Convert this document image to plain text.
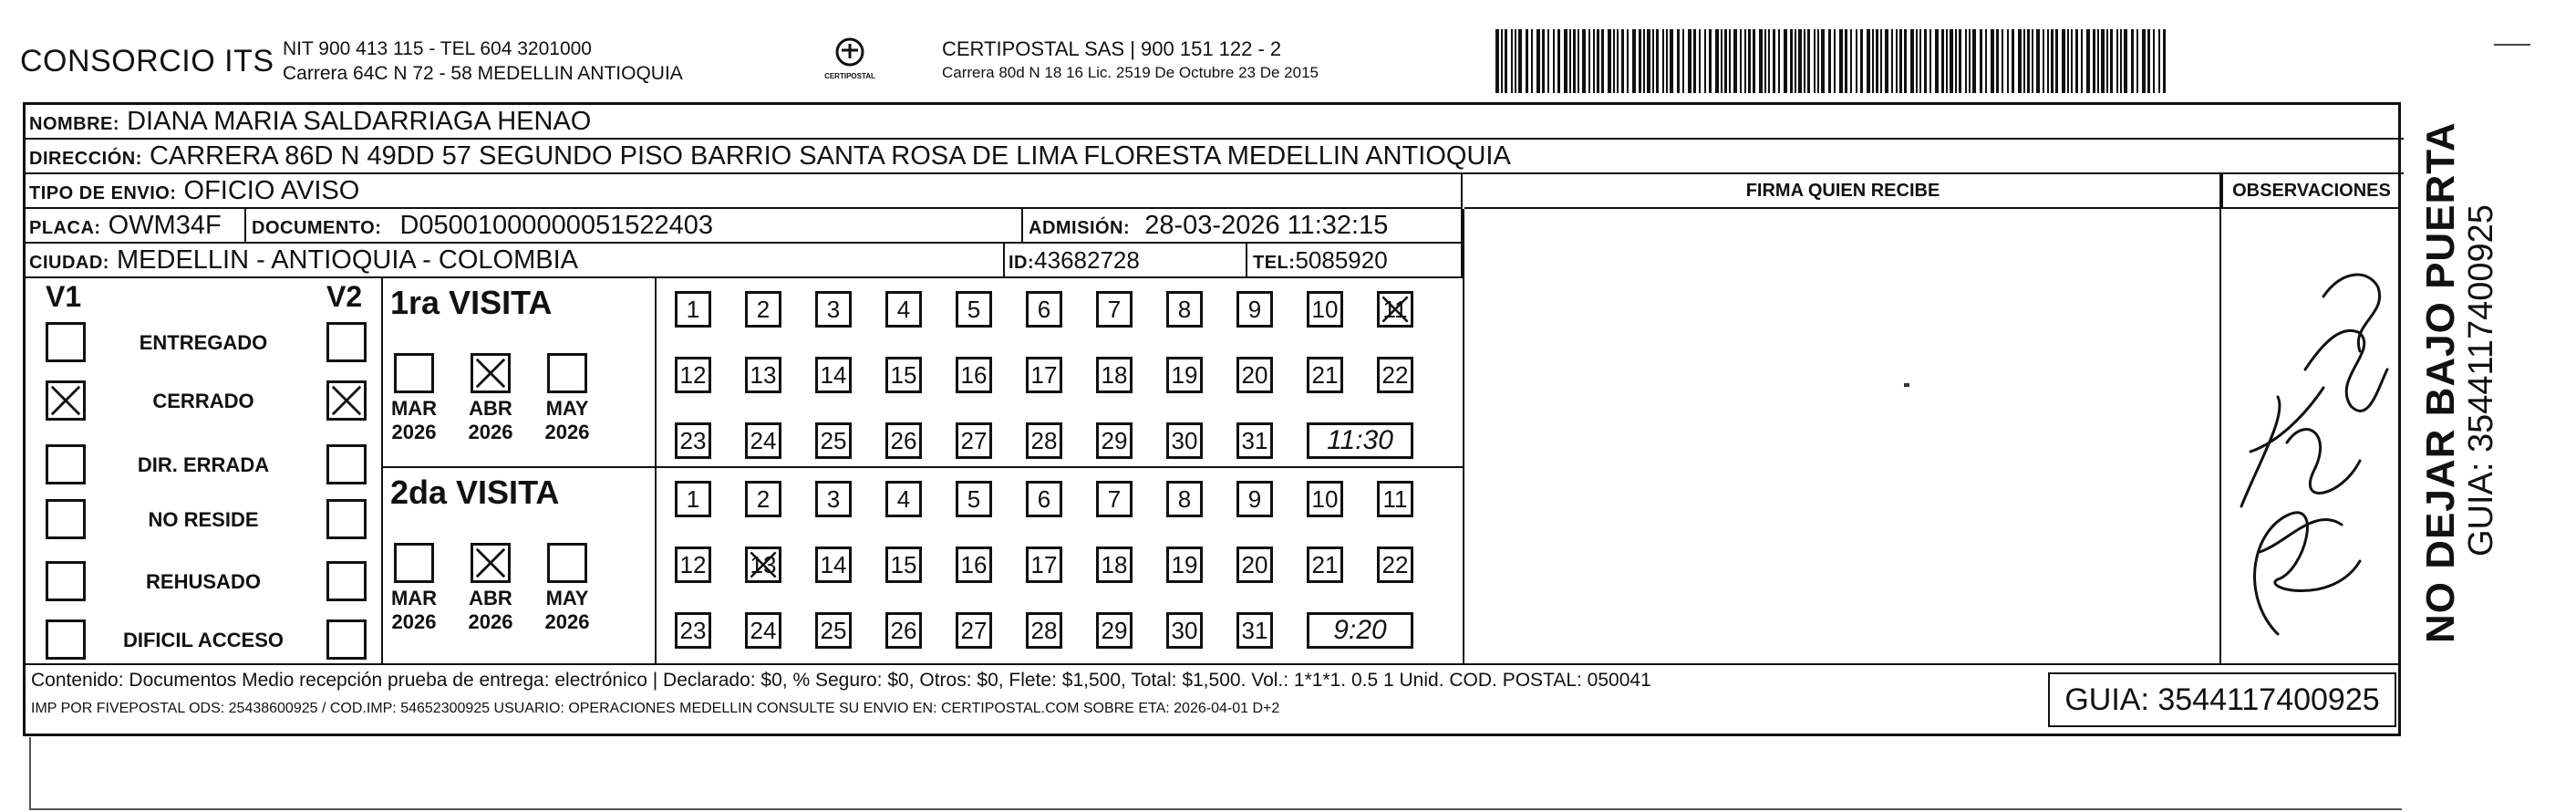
CONSORCIO ITS NIT 900 413 115 - TEL 604 3201000
Carrera 64C N 72 - 58 MEDELLIN ANTIOQUIA	CERTIPOSTAL
CERTIPOSTAL SAS | 900 151 122 - 2
Carrera 80d N 18 16 Lic. 2519 De Octubre 23 De 2015
NOMBRE: DIANA MARIA SALDARRIAGA HENAO
DIRECCIÓN: CARRERA 86D N 49DD 57 SEGUNDO PISO BARRIO SANTA ROSA DE LIMA FLORESTA MEDELLIN ANTIOQUIA
TIPO DE ENVIO: OFICIO AVISO	FIRMA QUIEN RECIBE	OBSERVACIONES
PLACA: OWM34F DOCUMENTO: D05001000000051522403	ADMISIÓN: 28-03-2026 11:32:15
CIUDAD: MEDELLIN - ANTIOQUIA - COLOMBIA	ID:43682728	TEL:5085920
V1	V2
ENTREGADO
CERRADO
DIR. ERRADA
NO RESIDE
REHUSADO
DIFICIL ACCESO
1ra VISITA
MAR
2026
ABR
2026
MAY
2026
1	2	3	4	5	6	7	8	9	10 11
12 13 14 15 16 17 18 19 20 21 22
23 24 25 26 27 28 29 30 31	11:30
2da VISITA
MAR
2026
ABR
2026
MAY
2026
1	2	3	4	5	6	7	8	9	10 11
12 13 14 15 16 17 18 19 20 21 22
23 24 25 26 27 28 29 30 31	9:20
Contenido: Documentos Medio recepción prueba de entrega: electrónico | Declarado: $0, % Seguro: $0, Otros: $0, Flete: $1,500, Total: $1,500. Vol.: 1*1*1. 0.5 1 Unid. COD. POSTAL: 050041
IMP POR FIVEPOSTAL ODS: 25438600925 / COD.IMP: 54652300925 USUARIO: OPERACIONES MEDELLIN CONSULTE SU ENVIO EN: CERTIPOSTAL.COM SOBRE ETA: 2026-04-01 D+2	GUIA: 3544117400925
NO DEJAR BAJO PUERTA GUIA: 3544117400925
